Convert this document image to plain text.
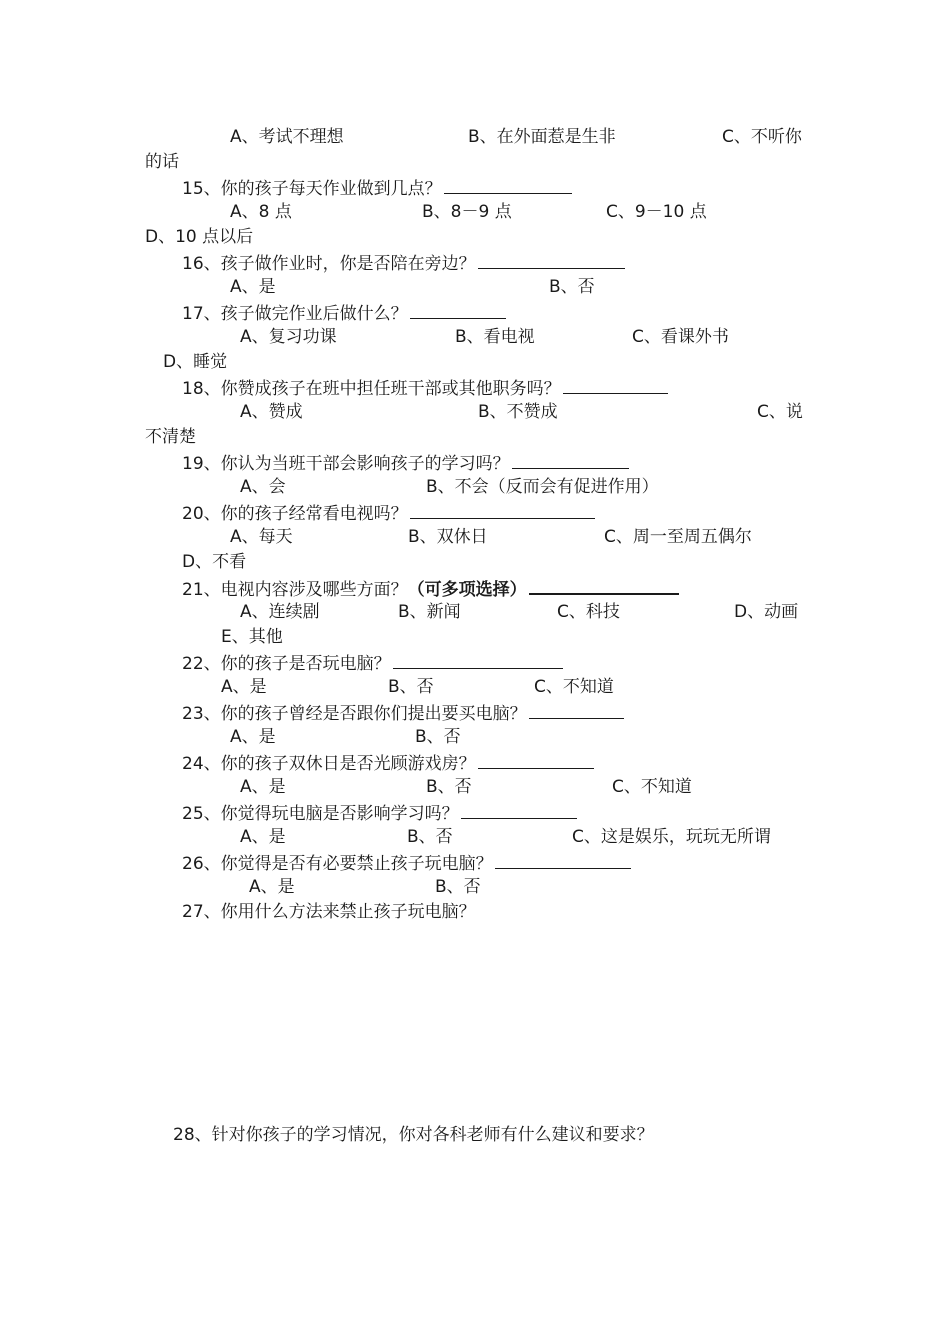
A、考试不理想	B、在外面惹是生非	C、不听你
的话
15、你的孩子每天作业做到几点？
A、8 点	B、8－9 点	C、9－10 点
D、10 点以后
16、孩子做作业时，你是否陪在旁边？
A、是	B、否
17、孩子做完作业后做什么？
A、复习功课	B、看电视	C、看课外书
D、睡觉
18、你赞成孩子在班中担任班干部或其他职务吗？
A、赞成	B、不赞成	C、说
不清楚
19、你认为当班干部会影响孩子的学习吗？
A、会	B、不会（反而会有促进作用）
20、你的孩子经常看电视吗？
A、每天	B、双休日	C、周一至周五偶尔
D、不看
21、电视内容涉及哪些方面？（可多项选择）
A、连续剧	B、新闻	C、科技	D、动画
E、其他
22、你的孩子是否玩电脑？
A、是	B、否	C、不知道
23、你的孩子曾经是否跟你们提出要买电脑？
A、是	B、否
24、你的孩子双休日是否光顾游戏房？
A、是	B、否	C、不知道
25、你觉得玩电脑是否影响学习吗？
A、是	B、否	C、这是娱乐，玩玩无所谓
26、你觉得是否有必要禁止孩子玩电脑？
A、是	B、否
27、你用什么方法来禁止孩子玩电脑？
28、针对你孩子的学习情况，你对各科老师有什么建议和要求？
